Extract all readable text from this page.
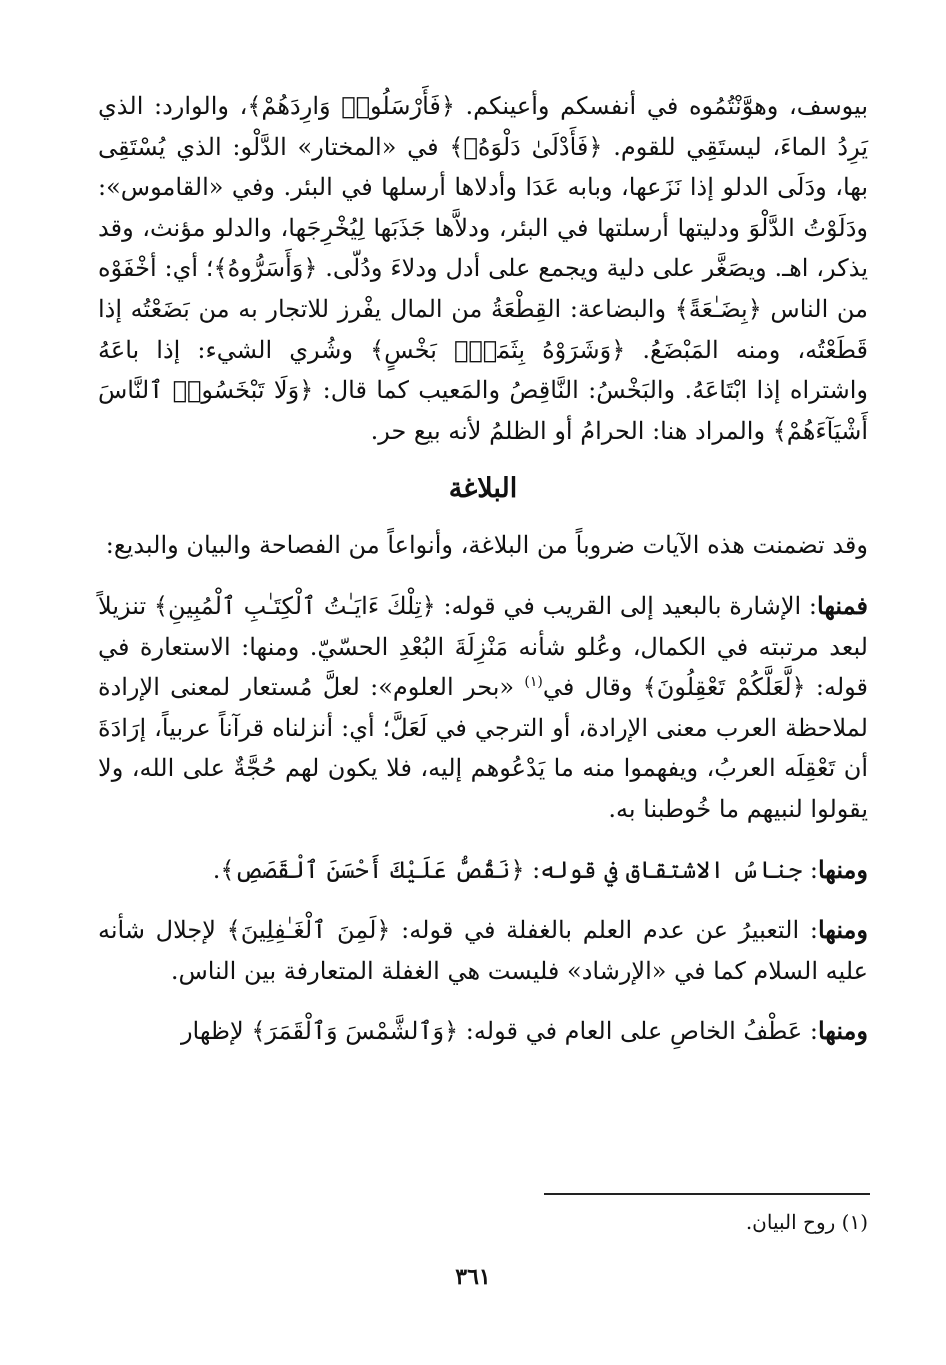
بيوسف، وهوَّنْتُمُوه في أنفسكم وأعينكم. ﴿فَأَرْسَلُوا۟ وَارِدَهُمْ﴾، والوارد: الذي يَرِدُ الماءَ، ليستَقِي للقوم. ﴿فَأَدْلَىٰ دَلْوَهُۥ﴾ في «المختار» الدَّلْو: الذي يُسْتَقِى بها، ودَلَى الدلو إذا نَزَعها، وبابه عَدَا وأدلاها أرسلها في البئر. وفي «القاموس»: ودَلَوْتُ الدَّلْوَ ودليتها أرسلتها في البئر، ودلاَّها جَذَبَها لِيُخْرِجَها، والدلو مؤنث، وقد يذكر، اهـ. ويصَغَّر على دلية ويجمع على أدل ودلاءَ ودُلّى. ﴿وَأَسَرُّوهُ﴾؛ أي: أخْفَوْه من الناس ﴿بِضَـٰعَةً﴾ والبضاعة: القِطْعَةُ من المال يفْرز للاتجار به من بَضَعْتُه إذا قَطَعْتُه، ومنه المَبْضَعُ. ﴿وَشَرَوْهُ بِثَمَنٍۭ بَخْسٍ﴾ وشُري الشيء: إذا باعَهُ واشتراه إذا ابْتَاعَهُ. والبَخْسُ: النَّاقِصُ والمَعيب كما قال: ﴿وَلَا تَبْخَسُوا۟ ٱلنَّاسَ أَشْيَآءَهُمْ﴾ والمراد هنا: الحرامُ أو الظلمُ لأنه بيع حر.

البلاغة

وقد تضمنت هذه الآيات ضروباً من البلاغة، وأنواعاً من الفصاحة والبيان والبديع:

فمنها: الإشارة بالبعيد إلى القريب في قوله: ﴿تِلْكَ ءَايَـٰتُ ٱلْكِتَـٰبِ ٱلْمُبِينِ﴾ تنزيلاً لبعد مرتبته في الكمال، وعُلو شأنه مَنْزِلَةَ البُعْدِ الحسّيّ. ومنها: الاستعارة في قوله: ﴿لَّعَلَّكُمْ تَعْقِلُونَ﴾ وقال في$^{(١)}$ «بحر العلوم»: لعلَّ مُستعار لمعنى الإرادة لملاحظة العرب معنى الإرادة، أو الترجي في لَعَلَّ؛ أي: أنزلناه قرآناً عربياً، إرَادَةَ أن تَعْقِلَه العربُ، ويفهموا منه ما يَدْعُوهم إليه، فلا يكون لهم حُجَّةٌ على الله، ولا يقولوا لنبيهم ما خُوطبنا به.

ومنها: جناسُ الاشتقاق في قوله: ﴿نَقُصُّ عَلَيْكَ أَحْسَنَ ٱلْقَصَصِ﴾.

ومنها: التعبيرُ عن عدم العلم بالغفلة في قوله: ﴿لَمِنَ ٱلْغَـٰفِلِينَ﴾ لإجلال شأنه عليه السلام كما في «الإرشاد» فليست هي الغفلة المتعارفة بين الناس.

ومنها: عَطْفُ الخاصِ على العام في قوله: ﴿وَٱلشَّمْسَ وَٱلْقَمَرَ﴾ لإظهار

(١) روح البيان.
٣٦١
